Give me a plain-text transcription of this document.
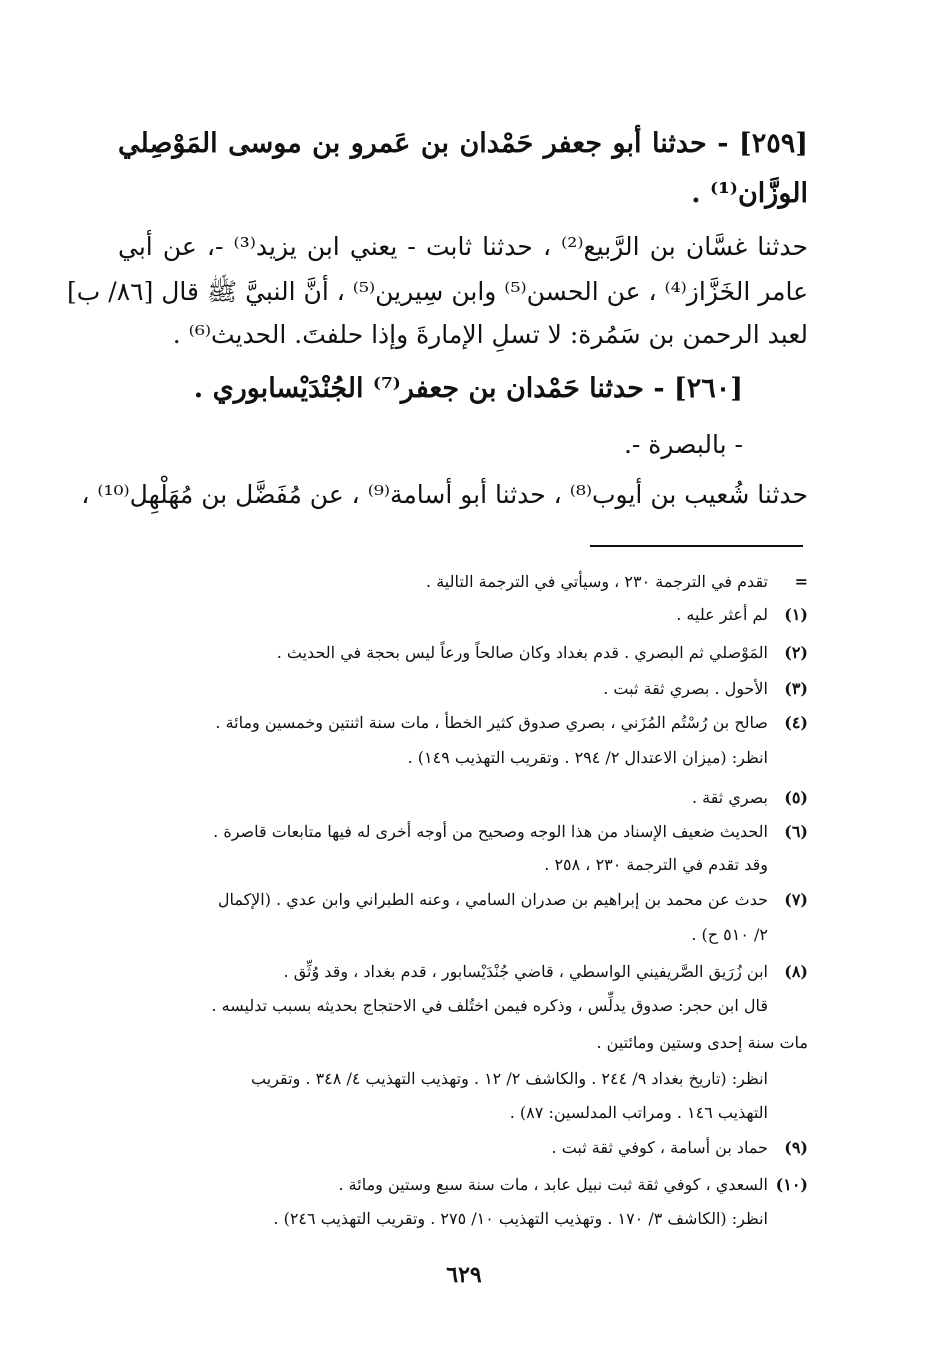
[٢٥٩] - حدثنا أبو جعفر حَمْدان بن عَمرو بن موسى المَوْصِلي

الوزَّان⁽¹⁾ .

حدثنا غسَّان بن الرَّبيع⁽²⁾ ، حدثنا ثابت - يعني ابن يزيد⁽³⁾ -، عن أبي

عامر الخَزَّاز⁽⁴⁾ ، عن الحسن⁽⁵⁾ وابن سِيرين⁽⁵⁾ ، أنَّ النبيَّ ﷺ قال [٨٦/ ب]

لعبد الرحمن بن سَمُرة: لا تسلِ الإمارةَ وإذا حلفتَ. الحديث⁽⁶⁾ .

[٢٦٠] - حدثنا حَمْدان بن جعفر⁽⁷⁾ الجُنْدَيْسابوري .

- بالبصرة -.

حدثنا شُعيب بن أيوب⁽⁸⁾ ، حدثنا أبو أسامة⁽⁹⁾ ، عن مُفَضَّل بن مُهَلْهِل⁽¹⁰⁾ ،

=تقدم في الترجمة ٢٣٠ ، وسيأتي في الترجمة التالية .

(١)لم أعثر عليه .

(٢)المَوْصلي ثم البصري . قدم بغداد وكان صالحاً ورعاً ليس بحجة في الحديث .

(٣)الأحول . بصري ثقة ثبت .

(٤)صالح بن رُسْتُم المُزَني ، بصري صدوق كثير الخطأ ، مات سنة اثنتين وخمسين ومائة .

انظر: (ميزان الاعتدال ٢/ ٢٩٤ . وتقريب التهذيب ١٤٩) .

(٥)بصري ثقة .

(٦)الحديث ضعيف الإسناد من هذا الوجه وصحيح من أوجه أخرى له فيها متابعات قاصرة .

وقد تقدم في الترجمة ٢٣٠ ، ٢٥٨ .

(٧)حدث عن محمد بن إبراهيم بن صدران السامي ، وعنه الطبراني وابن عدي . (الإكمال

٢/ ٥١٠ ح) .

(٨)ابن زُرَيق الصَّريفيني الواسطي ، قاضي جُنْدَيْسابور ، قدم بغداد ، وقد وُثِّق .

قال ابن حجر: صدوق يدلِّس ، وذكره فيمن اختُلف في الاحتجاج بحديثه بسبب تدليسه .

مات سنة إحدى وستين ومائتين .

انظر: (تاريخ بغداد ٩/ ٢٤٤ . والكاشف ٢/ ١٢ . وتهذيب التهذيب ٤/ ٣٤٨ . وتقريب

التهذيب ١٤٦ . ومراتب المدلسين: ٨٧) .

(٩)حماد بن أسامة ، كوفي ثقة ثبت .

(١٠)السعدي ، كوفي ثقة ثبت نبيل عابد ، مات سنة سبع وستين ومائة .

انظر: (الكاشف ٣/ ١٧٠ . وتهذيب التهذيب ١٠/ ٢٧٥ . وتقريب التهذيب ٢٤٦) .

٦٢٩
